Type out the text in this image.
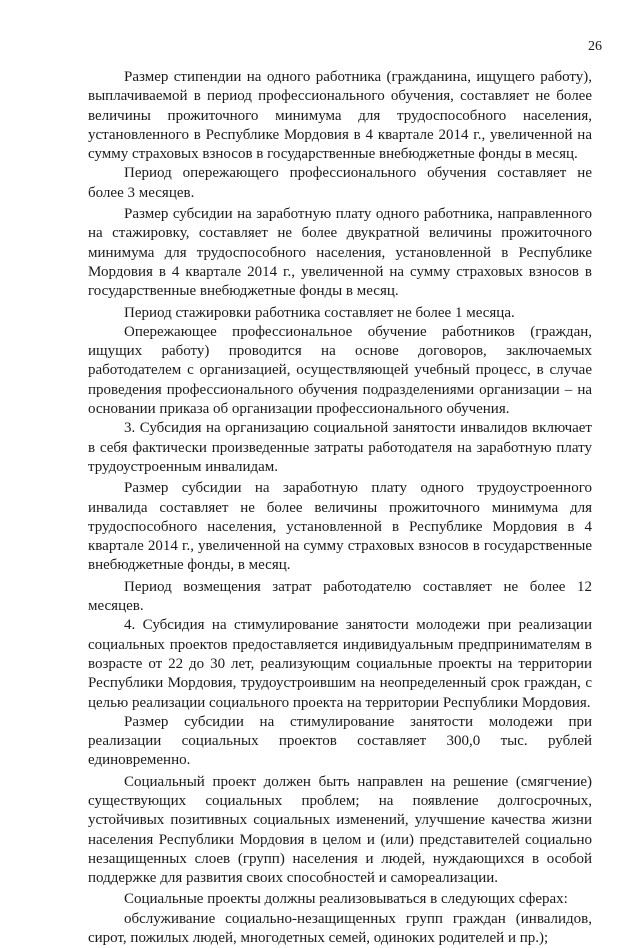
26

Размер стипендии на одного работника (гражданина, ищущего работу), выплачиваемой в период профессионального обучения, составляет не более величины прожиточного минимума для трудоспособного населения, установленного в Республике Мордовия в 4 квартале 2014 г., увеличенной на сумму страховых взносов в государственные внебюджетные фонды в месяц.

Период опережающего профессионального обучения составляет не более 3 месяцев.

Размер субсидии на заработную плату одного работника, направленного на стажировку, составляет не более двукратной величины прожиточного минимума для трудоспособного населения, установленной в Республике Мордовия в 4 квартале 2014 г., увеличенной на сумму страховых взносов в государственные внебюджетные фонды в месяц.

Период стажировки работника составляет не более 1 месяца.

Опережающее профессиональное обучение работников (граждан, ищущих работу) проводится на основе договоров, заключаемых работодателем с организацией, осуществляющей учебный процесс, в случае проведения профессионального обучения подразделениями организации – на основании приказа об организации профессионального обучения.

3. Субсидия на организацию социальной занятости инвалидов включает в себя фактически произведенные затраты работодателя на заработную плату трудоустроенным инвалидам.

Размер субсидии на заработную плату одного трудоустроенного инвалида составляет не более величины прожиточного минимума для трудоспособного населения, установленной в Республике Мордовия в 4 квартале 2014 г., увеличенной на сумму страховых взносов в государственные внебюджетные фонды, в месяц.

Период возмещения затрат работодателю составляет не более 12 месяцев.

4. Субсидия на стимулирование занятости молодежи при реализации социальных проектов предоставляется индивидуальным предпринимателям в возрасте от 22 до 30 лет, реализующим социальные проекты на территории Республики Мордовия, трудоустроившим на неопределенный срок граждан, с целью реализации социального проекта на территории Республики Мордовия.

Размер субсидии на стимулирование занятости молодежи при реализации социальных проектов составляет 300,0 тыс. рублей единовременно.

Социальный проект должен быть направлен на решение (смягчение) существующих социальных проблем; на появление долгосрочных, устойчивых позитивных социальных изменений, улучшение качества жизни населения Республики Мордовия в целом и (или) представителей социально незащищенных слоев (групп) населения и людей, нуждающихся в особой поддержке для развития своих способностей и самореализации.

Социальные проекты должны реализовываться в следующих сферах:

обслуживание социально-незащищенных групп граждан (инвалидов, сирот, пожилых людей, многодетных семей, одиноких родителей и пр.);
